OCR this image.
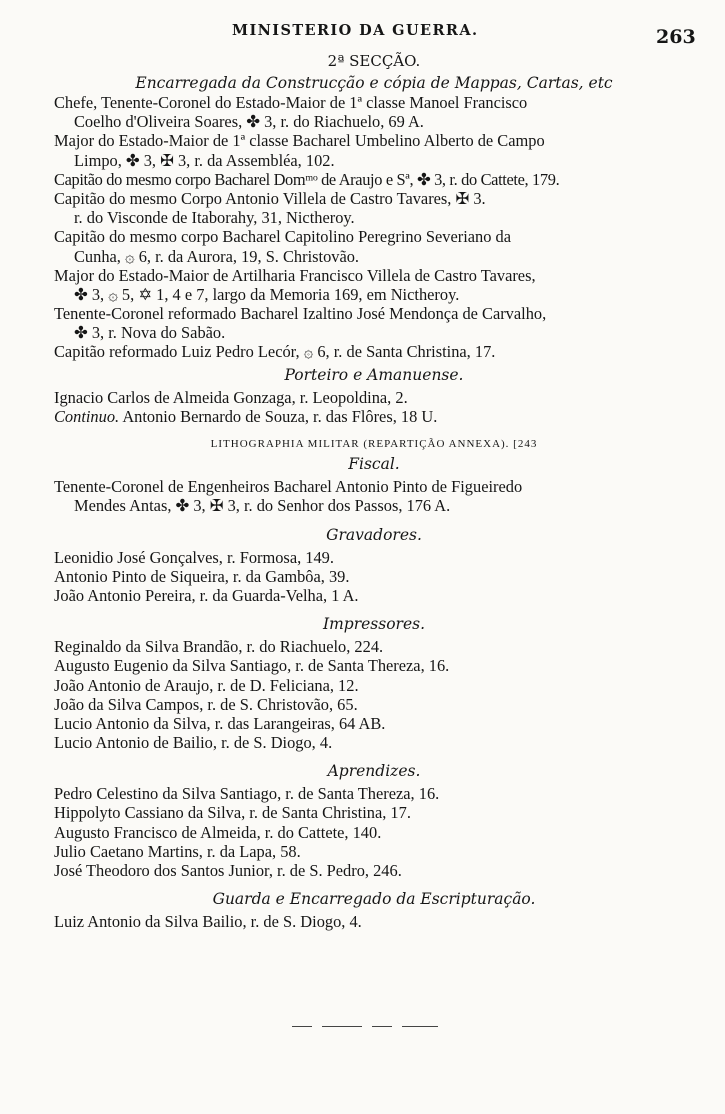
MINISTERIO DA GUERRA.	263
2ª SECÇÃO.
Encarregada da Construcção e cópia de Mappas, Cartas, etc
Chefe, Tenente-Coronel do Estado-Maior de 1ª classe Manoel Francisco
Coelho d'Oliveira Soares, ✤ 3, r. do Riachuelo, 69 A.
Major do Estado-Maior de 1ª classe Bacharel Umbelino Alberto de Campo
Limpo, ✤ 3, ✠ 3, r. da Assembléa, 102.
Capitão do mesmo corpo Bacharel Domᵐᵒ de Araujo e Sª, ✤ 3, r. do Cattete, 179.
Capitão do mesmo Corpo Antonio Villela de Castro Tavares, ✠ 3.
r. do Visconde de Itaborahy, 31, Nictheroy.
Capitão do mesmo corpo Bacharel Capitolino Peregrino Severiano da
Cunha, ۞ 6, r. da Aurora, 19, S. Christovão.
Major do Estado-Maior de Artilharia Francisco Villela de Castro Tavares,
✤ 3, ۞ 5, ✡ 1, 4 e 7, largo da Memoria 169, em Nictheroy.
Tenente-Coronel reformado Bacharel Izaltino José Mendonça de Carvalho,
✤ 3, r. Nova do Sabão.
Capitão reformado Luiz Pedro Lecór, ۞ 6, r. de Santa Christina, 17.
Porteiro e Amanuense.
Ignacio Carlos de Almeida Gonzaga, r. Leopoldina, 2.
Continuo. Antonio Bernardo de Souza, r. das Flôres, 18 U.
LITHOGRAPHIA MILITAR (REPARTIÇÃO ANNEXA). [243
Fiscal.
Tenente-Coronel de Engenheiros Bacharel Antonio Pinto de Figueiredo
Mendes Antas, ✤ 3, ✠ 3, r. do Senhor dos Passos, 176 A.
Gravadores.
Leonidio José Gonçalves, r. Formosa, 149.
Antonio Pinto de Siqueira, r. da Gambôa, 39.
João Antonio Pereira, r. da Guarda-Velha, 1 A.
Impressores.
Reginaldo da Silva Brandão, r. do Riachuelo, 224.
Augusto Eugenio da Silva Santiago, r. de Santa Thereza, 16.
João Antonio de Araujo, r. de D. Feliciana, 12.
João da Silva Campos, r. de S. Christovão, 65.
Lucio Antonio da Silva, r. das Larangeiras, 64 AB.
Lucio Antonio de Bailio, r. de S. Diogo, 4.
Aprendizes.
Pedro Celestino da Silva Santiago, r. de Santa Thereza, 16.
Hippolyto Cassiano da Silva, r. de Santa Christina, 17.
Augusto Francisco de Almeida, r. do Cattete, 140.
Julio Caetano Martins, r. da Lapa, 58.
José Theodoro dos Santos Junior, r. de S. Pedro, 246.
Guarda e Encarregado da Escripturação.
Luiz Antonio da Silva Bailio, r. de S. Diogo, 4.
